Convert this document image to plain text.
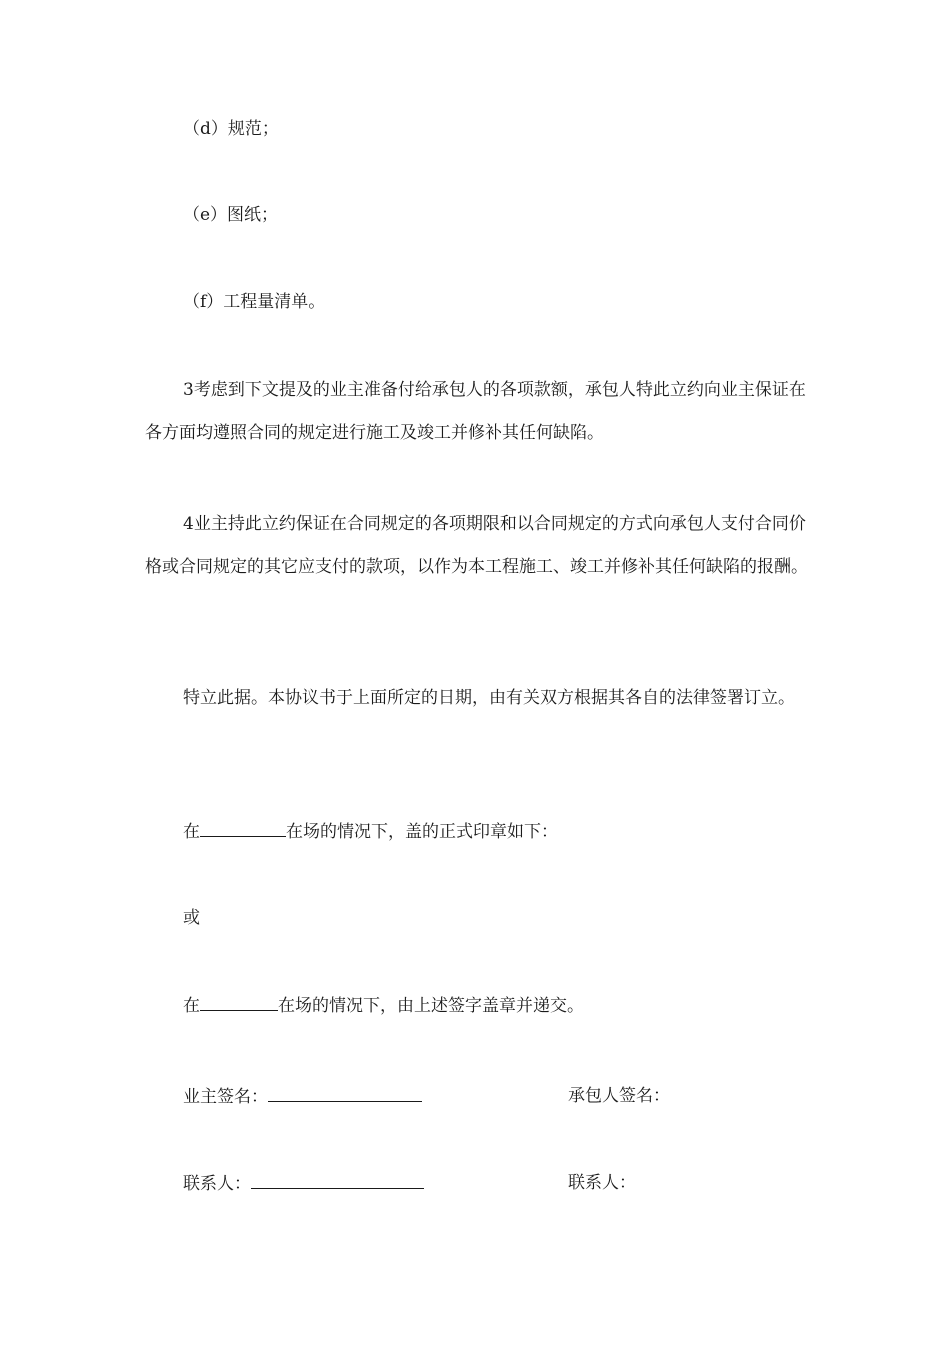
（d）规范；
（e）图纸；
（f）工程量清单。

3考虑到下文提及的业主准备付给承包人的各项款额，承包人特此立约向业主保证在各方面均遵照合同的规定进行施工及竣工并修补其任何缺陷。

4业主持此立约保证在合同规定的各项期限和以合同规定的方式向承包人支付合同价格或合同规定的其它应支付的款项，以作为本工程施工、竣工并修补其任何缺陷的报酬。

特立此据。本协议书于上面所定的日期，由有关双方根据其各自的法律签署订立。

在	在场的情况下，盖的正式印章如下：
或
在	在场的情况下，由上述签字盖章并递交。
业主签名：	承包人签名：
联系人：	联系人：
